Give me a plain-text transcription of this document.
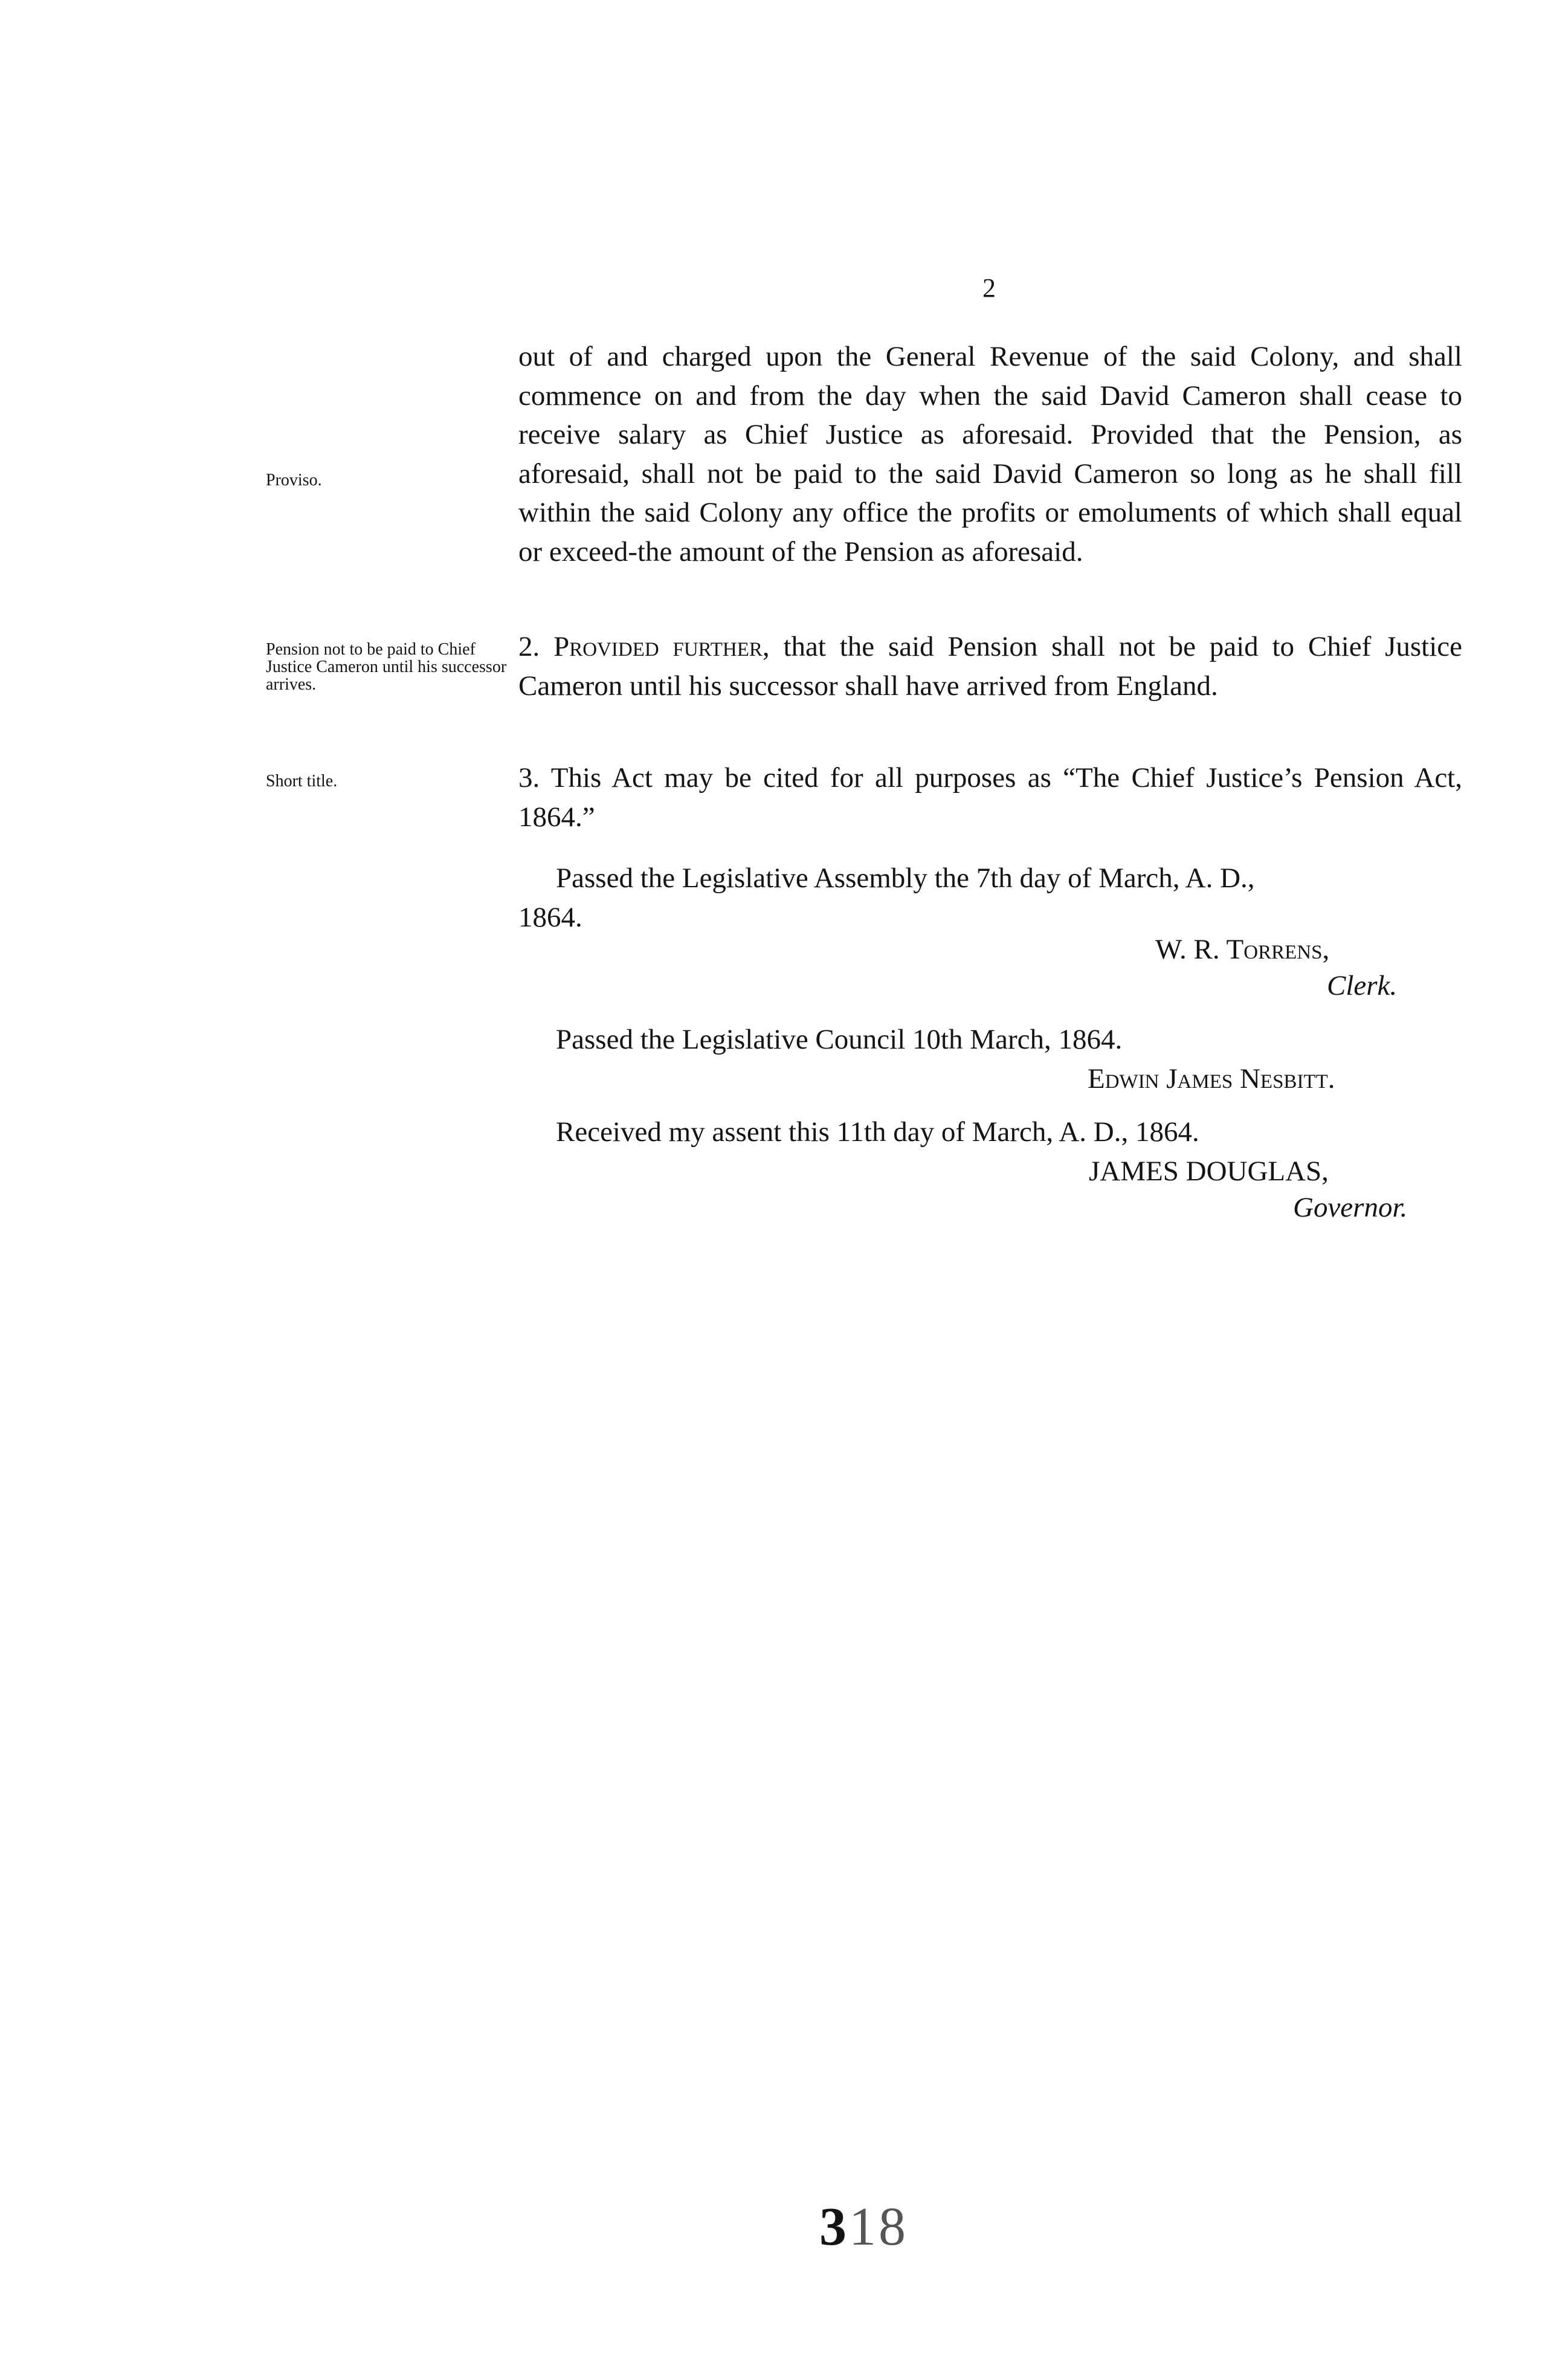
2

out of and charged upon the General Revenue of the said Colony, and shall commence on and from the day when the said David Cameron shall cease to receive salary as Chief Justice as aforesaid. Provided that the Pension, as aforesaid, shall not be paid to the said David Cameron so long as he shall fill within the said Colony any office the profits or emoluments of which shall equal or exceed-the amount of the Pension as aforesaid.

Proviso.

Pension not to be paid to Chief Justice Cameron until his successor arrives.

2. Provided further, that the said Pension shall not be paid to Chief Justice Cameron until his successor shall have arrived from England.

Short title.	3. This Act may be cited for all purposes as “The Chief Justice’s Pension Act, 1864.”

Passed the Legislative Assembly the 7th day of March, A. D.,
1864.
W. R. Torrens,
Clerk.
Passed the Legislative Council 10th March, 1864.
Edwin James Nesbitt.
Received my assent this 11th day of March, A. D., 1864.
JAMES DOUGLAS,
Governor.
318
